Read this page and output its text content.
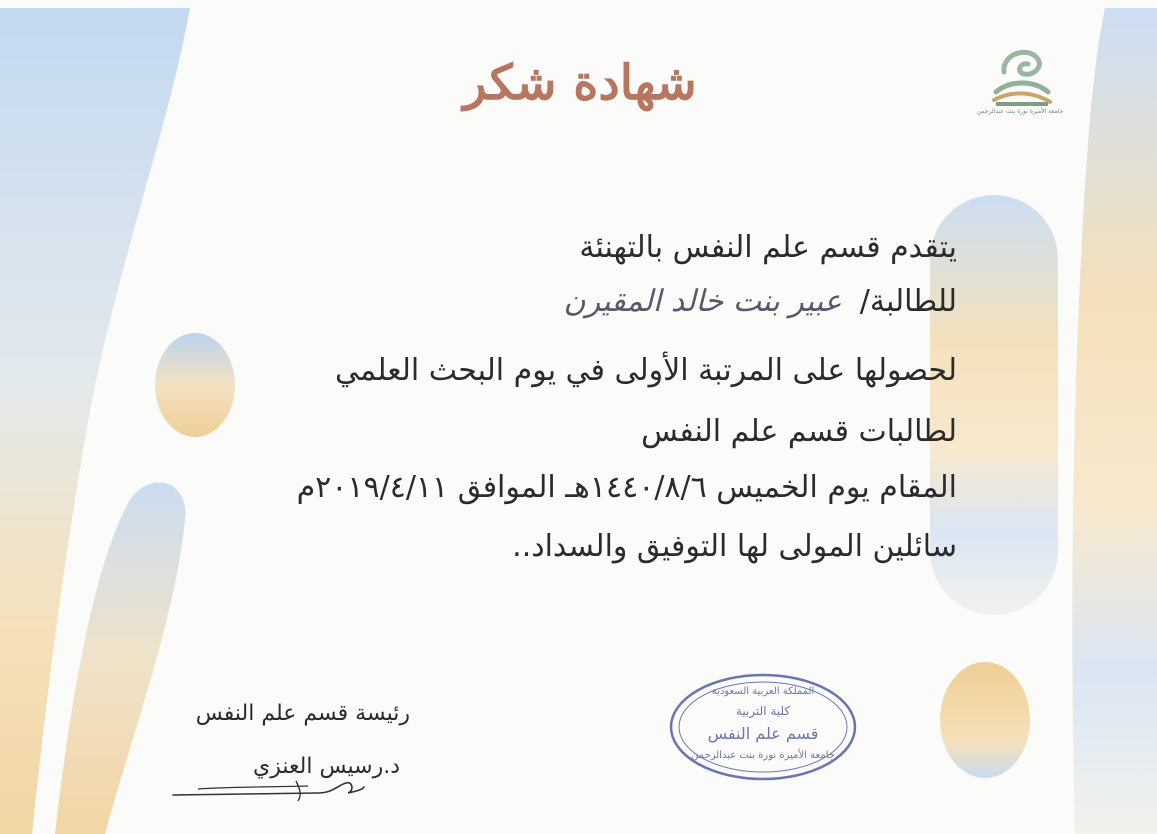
شهادة شكر
جامعة الأميرة نورة بنت عبدالرحمن
يتقدم قسم علم النفس بالتهنئة
للطالبة/عبير بنت خالد المقيرن
لحصولها على المرتبة الأولى في يوم البحث العلمي
لطالبات قسم علم النفس
المقام يوم الخميس ١٤٤٠/٨/٦هـ الموافق ٢٠١٩/٤/١١م
سائلين المولى لها التوفيق والسداد..
رئيسة قسم علم النفس
د.رسيس العنزي
المملكة العربية السعودية
كلية التربية
قسم علم النفس
جامعة الأميرة نورة بنت عبدالرحمن
